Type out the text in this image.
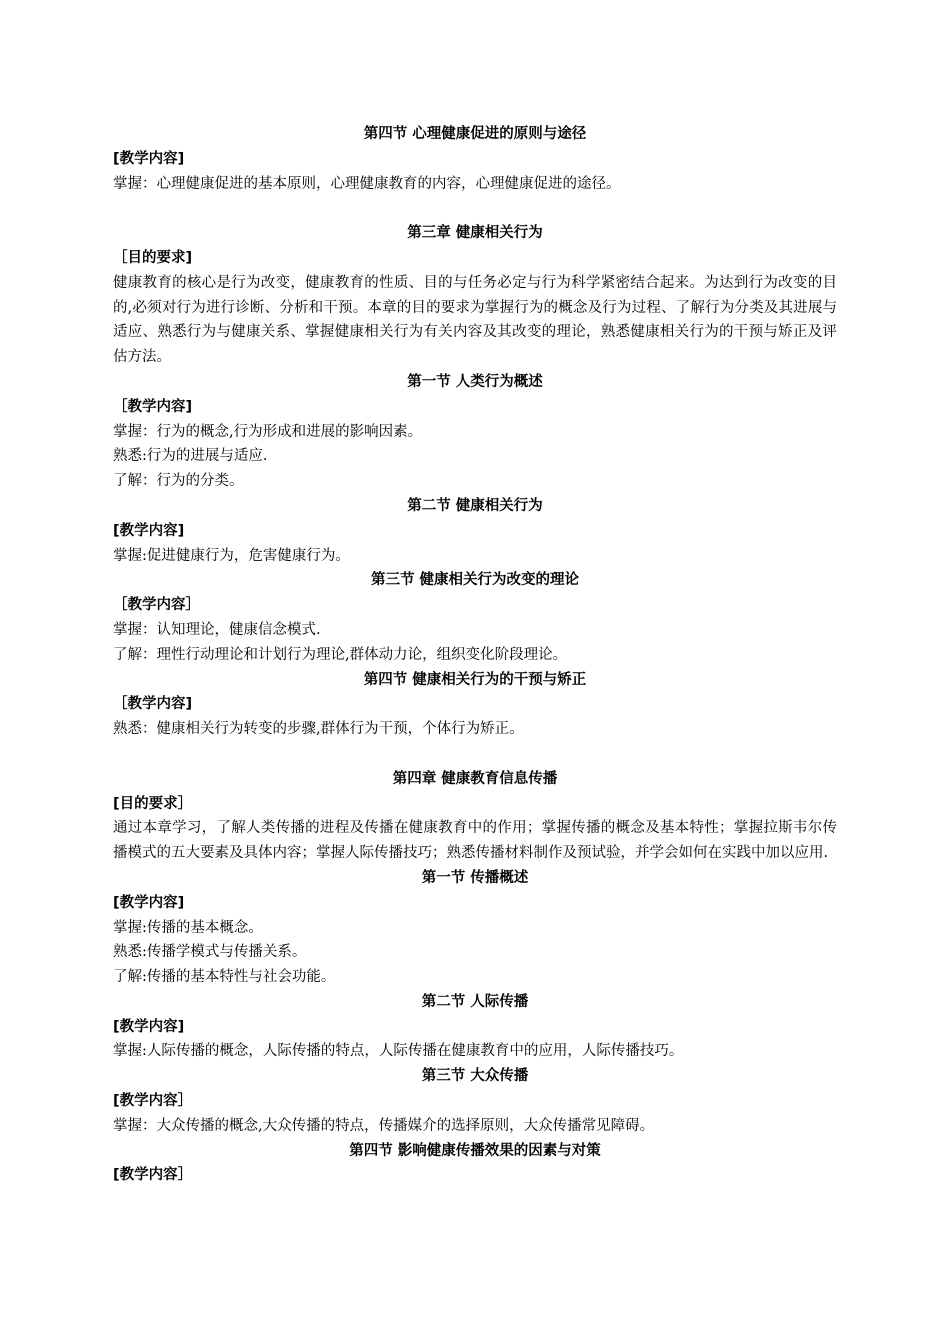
第四节 心理健康促进的原则与途径
[教学内容]
掌握：心理健康促进的基本原则，心理健康教育的内容，心理健康促进的途径。
第三章 健康相关行为
［目的要求]
健康教育的核心是行为改变，健康教育的性质、目的与任务必定与行为科学紧密结合起来。为达到行为改变的目的,必须对行为进行诊断、分析和干预。本章的目的要求为掌握行为的概念及行为过程、了解行为分类及其进展与适应、熟悉行为与健康关系、掌握健康相关行为有关内容及其改变的理论，熟悉健康相关行为的干预与矫正及评估方法。
第一节 人类行为概述
［教学内容]
掌握：行为的概念,行为形成和进展的影响因素。
熟悉:行为的进展与适应.
了解：行为的分类。
第二节 健康相关行为
[教学内容]
掌握:促进健康行为，危害健康行为。
第三节 健康相关行为改变的理论
［教学内容］
掌握：认知理论，健康信念模式.
了解：理性行动理论和计划行为理论,群体动力论，组织变化阶段理论。
第四节 健康相关行为的干预与矫正
［教学内容]
熟悉：健康相关行为转变的步骤,群体行为干预，个体行为矫正。
第四章 健康教育信息传播
[目的要求］
通过本章学习，了解人类传播的进程及传播在健康教育中的作用；掌握传播的概念及基本特性；掌握拉斯韦尔传播模式的五大要素及具体内容；掌握人际传播技巧；熟悉传播材料制作及预试验，并学会如何在实践中加以应用.
第一节 传播概述
[教学内容]
掌握:传播的基本概念。
熟悉:传播学模式与传播关系。
了解:传播的基本特性与社会功能。
第二节 人际传播
[教学内容]
掌握:人际传播的概念，人际传播的特点，人际传播在健康教育中的应用，人际传播技巧。
第三节 大众传播
[教学内容］
掌握：大众传播的概念,大众传播的特点，传播媒介的选择原则，大众传播常见障碍。
第四节 影响健康传播效果的因素与对策
[教学内容］
